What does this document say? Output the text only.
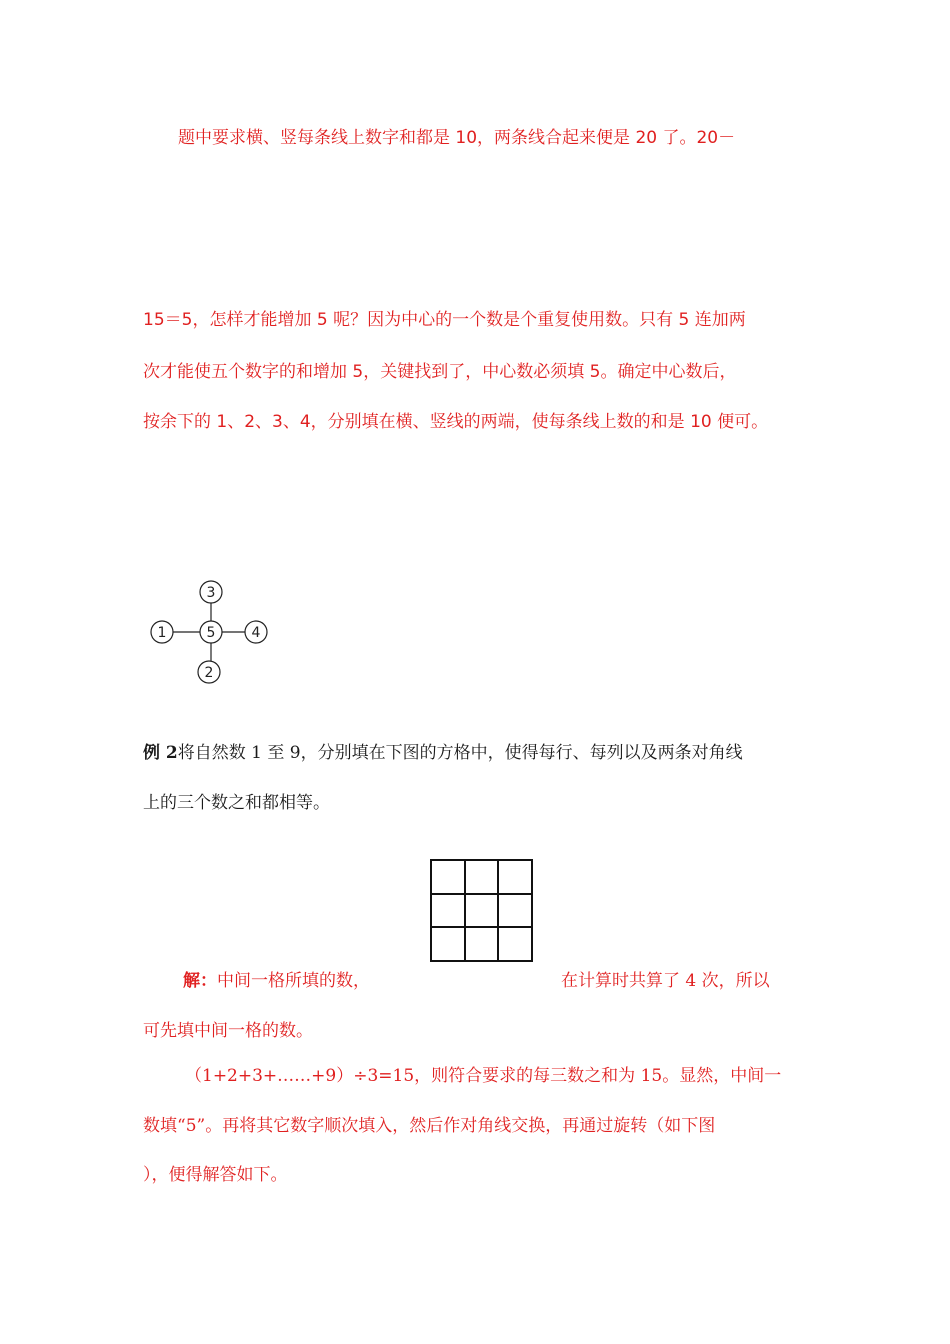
题中要求横、竖每条线上数字和都是 10，两条线合起来便是 20 了。20－
15＝5，怎样才能增加 5 呢？因为中心的一个数是个重复使用数。只有 5 连加两
次才能使五个数字的和增加 5，关键找到了，中心数必须填 5。确定中心数后，
按余下的 1、2、3、4，分别填在横、竖线的两端，使每条线上数的和是 10 便可。
3
1	5	4
2
例 2将自然数 1 至 9，分别填在下图的方格中，使得每行、每列以及两条对角线
上的三个数之和都相等。
解：中间一格所填的数，	在计算时共算了 4 次，所以
可先填中间一格的数。
（1+2+3+……+9）÷3=15，则符合要求的每三数之和为 15。显然，中间一
数填“5”。再将其它数字顺次填入，然后作对角线交换，再通过旋转（如下图
），便得解答如下。
